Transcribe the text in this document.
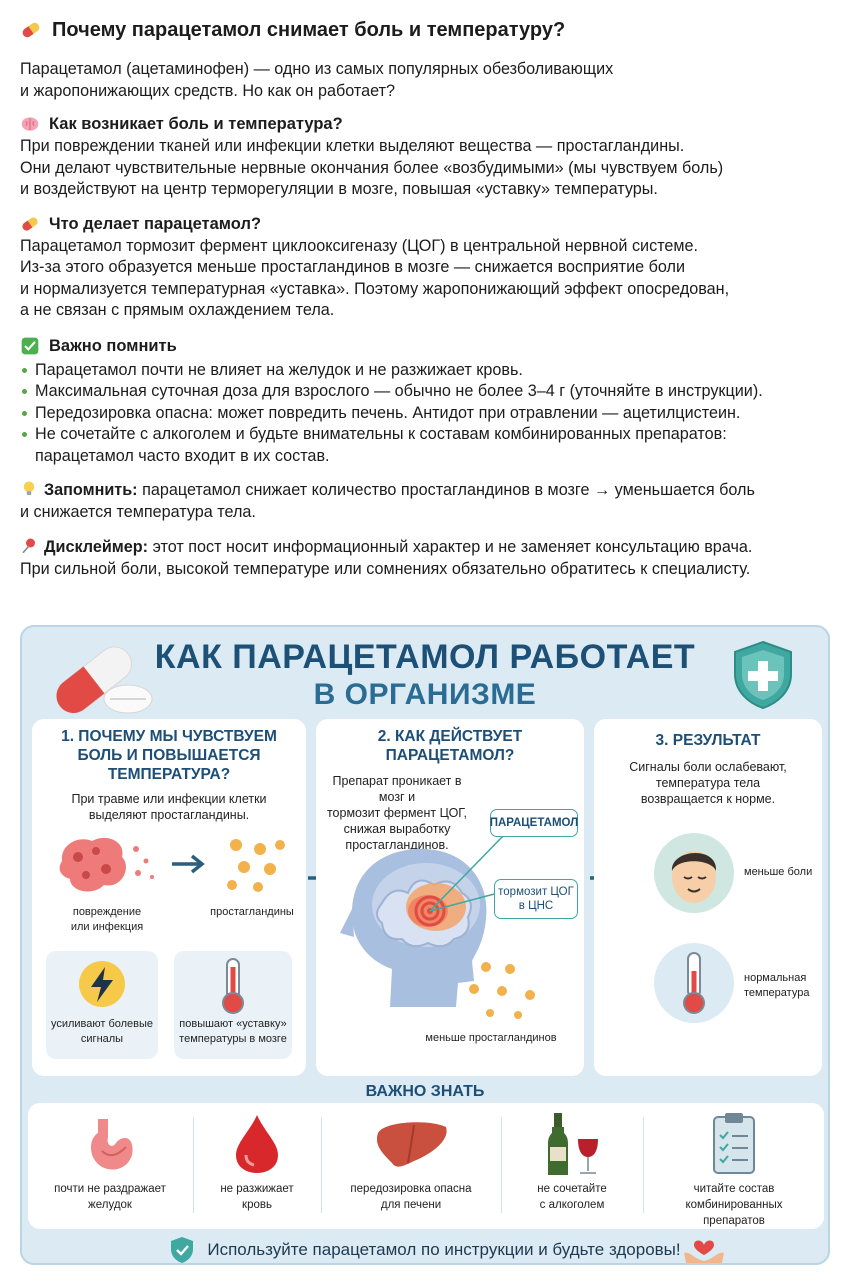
Почему парацетамол снимает боль и температуру?

Парацетамол (ацетаминофен) — одно из самых популярных обезболивающих
и жаропонижающих средств. Но как он работает?

Как возникает боль и температура?

При повреждении тканей или инфекции клетки выделяют вещества — простагландины.
Они делают чувствительные нервные окончания более «возбудимыми» (мы чувствуем боль)
и воздействуют на центр терморегуляции в мозге, повышая «уставку» температуры.

Что делает парацетамол?

Парацетамол тормозит фермент циклооксигеназу (ЦОГ) в центральной нервной системе.
Из-за этого образуется меньше простагландинов в мозге — снижается восприятие боли
и нормализуется температурная «уставка». Поэтому жаропонижающий эффект опосредован,
а не связан с прямым охлаждением тела.

Важно помнить
Парацетамол почти не влияет на желудок и не разжижает кровь.
Максимальная суточная доза для взрослого — обычно не более 3–4 г (уточняйте в инструкции).
Передозировка опасна: может повредить печень. Антидот при отравлении — ацетилцистеин.
Не сочетайте с алкоголем и будьте внимательны к составам комбинированных препаратов:
парацетамол часто входит в их состав.

Запомнить: парацетамол снижает количество простагландинов в мозге → уменьшается боль
и снижается температура тела.

Дисклеймер: этот пост носит информационный характер и не заменяет консультацию врача.
При сильной боли, высокой температуре или сомнениях обязательно обратитесь к специалисту.

КАК ПАРАЦЕТАМОЛ РАБОТАЕТ
В ОРГАНИЗМЕ
1. ПОЧЕМУ МЫ ЧУВСТВУЕМ
БОЛЬ И ПОВЫШАЕТСЯ
ТЕМПЕРАТУРА?
При травме или инфекции клетки
выделяют простагландины.
повреждение
или инфекция
простагландины
усиливают болевые
сигналы
повышают «уставку»
температуры в мозге
2. КАК ДЕЙСТВУЕТ
ПАРАЦЕТАМОЛ?
Препарат проникает в мозг и
тормозит фермент ЦОГ,
снижая выработку
простагландинов.
ПАРАЦЕТАМОЛ
тормозит ЦОГ
в ЦНС
меньше простагландинов
3. РЕЗУЛЬТАТ
Сигналы боли ослабевают,
температура тела
возвращается к норме.
меньше боли
нормальная
температура
ВАЖНО ЗНАТЬ
почти не раздражает
желудок
не разжижает
кровь
передозировка опасна
для печени
не сочетайте
с алкоголем
читайте состав
комбинированных
препаратов
Используйте парацетамол по инструкции и будьте здоровы!
